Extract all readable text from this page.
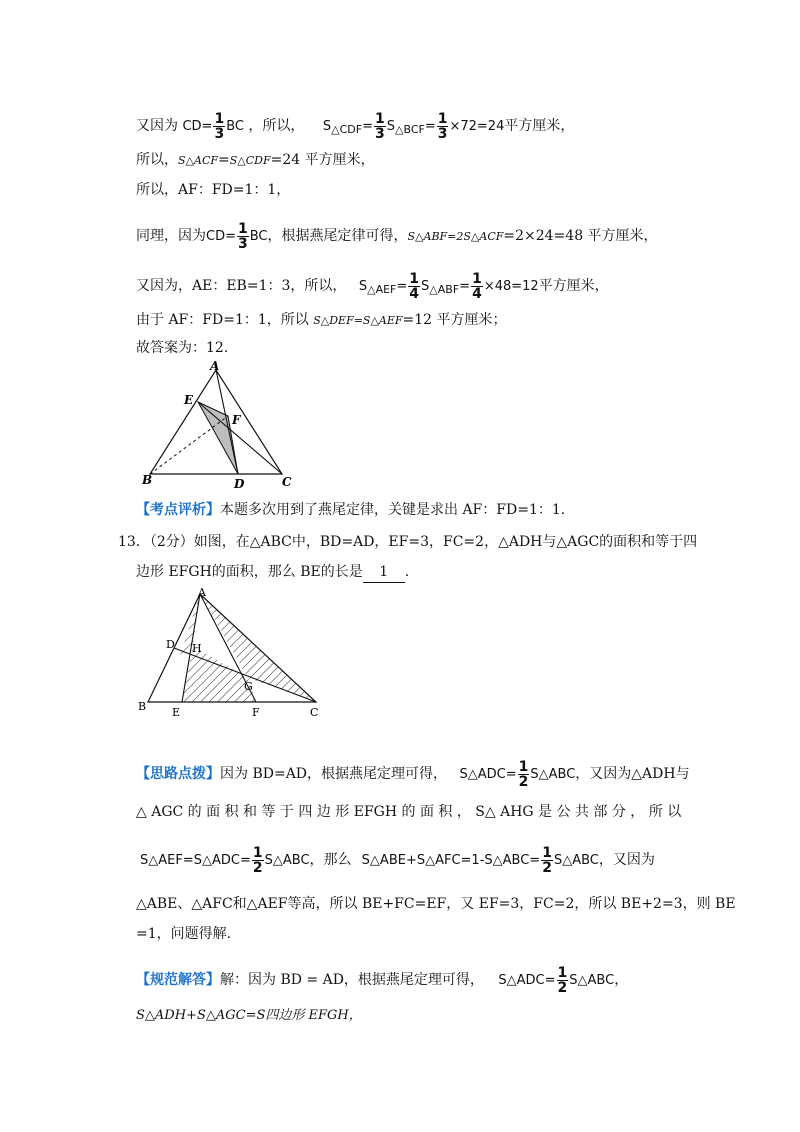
又因为 $CD= \frac{1}{3}$ BC ，所以， $S_{\triangle CDF}= \frac{1}{3} S_{\triangle BCF}= \frac{1}{3} \times 72=24$平方厘米，
所以，S△ACF=S△CDF=24 平方厘米，
所以，AF：FD=1：1，
同理，因为$CD= \frac{1}{3}$ BC，根据燕尾定律可得，S△ABF=2S△ACF=2×24=48 平方厘米，
又因为，AE：EB=1：3，所以， $S_{\triangle AEF}= \frac{1}{4} S_{\triangle ABF}= \frac{1}{4} \times 48=12$平方厘米，
由于 AF：FD=1：1，所以 S△DEF=S△AEF=12 平方厘米；
故答案为：12.
A
E
F
B	D	C
【考点评析】本题多次用到了燕尾定律，关键是求出 AF：FD=1：1.
13．（2分）如图，在△ABC中，BD=AD，EF=3，FC=2，△ADH与△AGC的面积和等于四
边形 EFGH的面积，那么 BE的长是 1 .
A
D H
G
B E	F	C
【思路点拨】因为 BD=AD，根据燕尾定理可得， S△ADC= $\frac{1}{2}$ S△ABC，又因为△ADH与
△ AGC 的 面 积 和 等 于 四 边 形 EFGH 的 面 积 ， S△ AHG 是 公 共 部 分 ， 所 以
S△AEF=S△ADC= $\frac{1}{2}$ S△ABC，那么 S△ABE+S△AFC=1-S△ABC= $\frac{1}{2}$ S△ABC，又因为
△ABE、△AFC和△AEF等高，所以 BE+FC=EF，又 EF=3，FC=2，所以 BE+2=3，则 BE
=1，问题得解.
【规范解答】解：因为 BD = AD，根据燕尾定理可得， S△ADC= $\frac{1}{2}$ S△ABC，
S△ADH+S△AGC=S四边形 EFGH，
